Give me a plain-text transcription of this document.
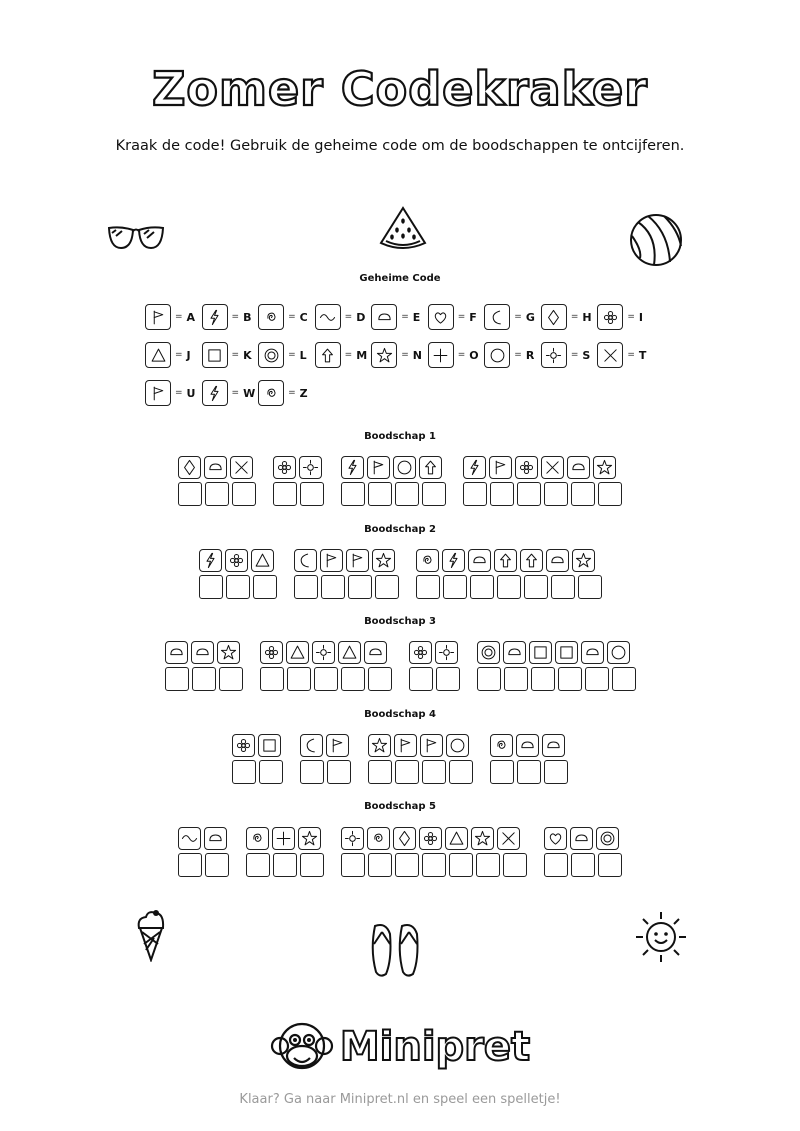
Zomer Codekraker

Kraak de code! Gebruik de geheime code om de boodschappen te ontcijferen.

Geheime Code
= A	= B	= C	= D	= E	= F	= G	= H	= I
= J	= K	= L	= M	= N	= O	= R	= S	= T
= U	= W	= Z
Boodschap 1
Boodschap 2
Boodschap 3
Boodschap 4
Boodschap 5
Minipret

Klaar? Ga naar Minipret.nl en speel een spelletje!
